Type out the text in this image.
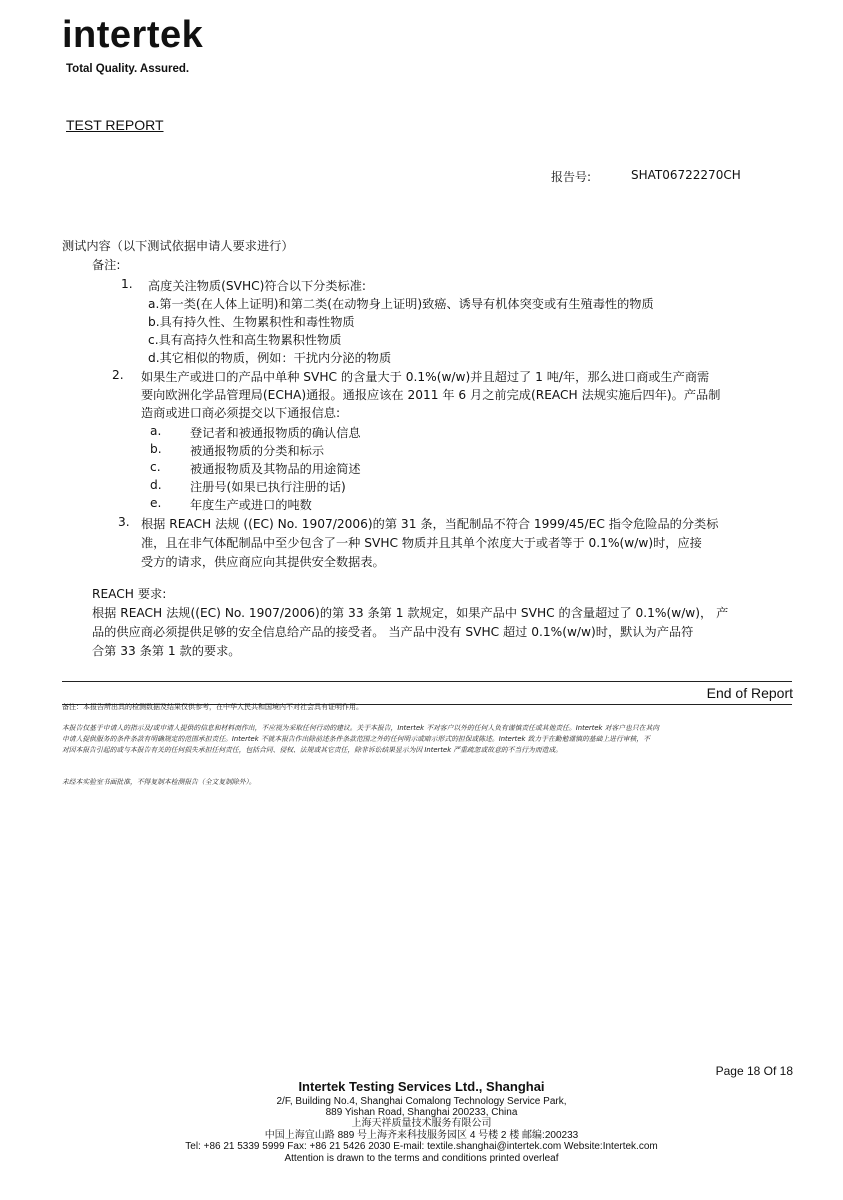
intertek
Total Quality. Assured.
TEST REPORT
报告号:	SHAT06722270CH
测试内容（以下测试依据申请人要求进行）
备注:
1. 高度关注物质(SVHC)符合以下分类标准:
a.第一类(在人体上证明)和第二类(在动物身上证明)致癌、诱导有机体突变或有生殖毒性的物质
b.具有持久性、生物累积性和毒性物质
c.具有高持久性和高生物累积性物质
d.其它相似的物质，例如：干扰内分泌的物质
2. 如果生产或进口的产品中单种 SVHC 的含量大于 0.1%(w/w)并且超过了 1 吨/年，那么进口商或生产商需
要向欧洲化学品管理局(ECHA)通报。通报应该在 2011 年 6 月之前完成(REACH 法规实施后四年)。产品制
造商或进口商必须提交以下通报信息:
a. 登记者和被通报物质的确认信息
b. 被通报物质的分类和标示
c. 被通报物质及其物品的用途简述
d. 注册号(如果已执行注册的话)
e. 年度生产或进口的吨数
3. 根据 REACH 法规 ((EC) No. 1907/2006)的第 31 条，当配制品不符合 1999/45/EC 指令危险品的分类标
准，且在非气体配制品中至少包含了一种 SVHC 物质并且其单个浓度大于或者等于 0.1%(w/w)时，应接
受方的请求，供应商应向其提供安全数据表。
REACH 要求:
根据 REACH 法规((EC) No. 1907/2006)的第 33 条第 1 款规定，如果产品中 SVHC 的含量超过了 0.1%(w/w)， 产
品的供应商必须提供足够的安全信息给产品的接受者。 当产品中没有 SVHC 超过 0.1%(w/w)时，默认为产品符
合第 33 条第 1 款的要求。
End of Report
备注：本报告所出具的检测数据及结果仅供参考，在中华人民共和国境内不对社会具有证明作用。
本报告仅基于申请人的指示及/或申请人提供的信息和材料而作出，不应视为采取任何行动的建议。关于本报告，Intertek 不对客户以外的任何人负有谨慎责任或其他责任。Intertek 对客户也只在其向
申请人提供服务的条件条款有明确规定的范围承担责任。Intertek 不就本报告作出除前述条件条款范围之外的任何明示或暗示形式的担保或陈述。Intertek 致力于在勤勉谨慎的基础上进行审核，不
对因本报告引起的或与本报告有关的任何损失承担任何责任，包括合同、侵权、法规或其它责任，除非诉讼结果显示为因 Intertek 严重疏忽或故意的不当行为而造成。
未经本实验室书面批准，不得复制本检测报告（全文复制除外）。
Page 18 Of 18
Intertek Testing Services Ltd., Shanghai
2/F, Building No.4, Shanghai Comalong Technology Service Park,
889 Yishan Road, Shanghai 200233, China
上海天祥质量技术服务有限公司
中国上海宜山路 889 号上海齐来科技服务园区 4 号楼 2 楼 邮编:200233
Tel: +86 21 5339 5999 Fax: +86 21 5426 2030 E-mail: textile.shanghai@intertek.com Website:Intertek.com
Attention is drawn to the terms and conditions printed overleaf
